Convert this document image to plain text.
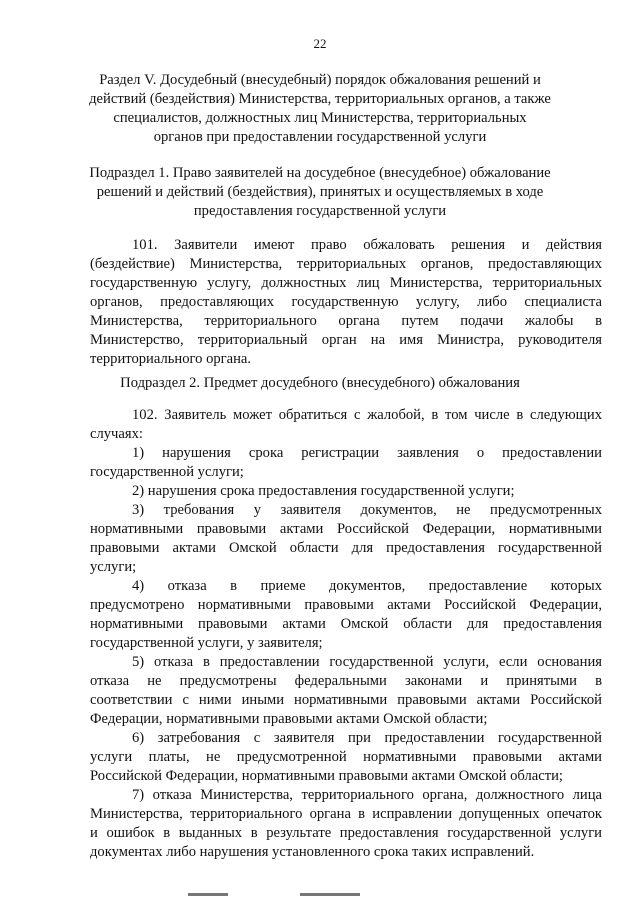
22
Раздел V. Досудебный (внесудебный) порядок обжалования решений и
действий (бездействия) Министерства, территориальных органов, а также
специалистов, должностных лиц Министерства, территориальных
органов при предоставлении государственной услуги
Подраздел 1. Право заявителей на досудебное (внесудебное) обжалование
решений и действий (бездействия), принятых и осуществляемых в ходе
предоставления государственной услуги
101. Заявители имеют право обжаловать решения и действия
(бездействие) Министерства, территориальных органов, предоставляющих
государственную услугу, должностных лиц Министерства, территориальных
органов, предоставляющих государственную услугу, либо специалиста
Министерства, территориального органа путем подачи жалобы в
Министерство, территориальный орган на имя Министра, руководителя
территориального органа.
Подраздел 2. Предмет досудебного (внесудебного) обжалования
102. Заявитель может обратиться с жалобой, в том числе в следующих
случаях:
1) нарушения срока регистрации заявления о предоставлении
государственной услуги;
2) нарушения срока предоставления государственной услуги;
3) требования у заявителя документов, не предусмотренных
нормативными правовыми актами Российской Федерации, нормативными
правовыми актами Омской области для предоставления государственной
услуги;
4) отказа в приеме документов, предоставление которых
предусмотрено нормативными правовыми актами Российской Федерации,
нормативными правовыми актами Омской области для предоставления
государственной услуги, у заявителя;
5) отказа в предоставлении государственной услуги, если основания
отказа не предусмотрены федеральными законами и принятыми в
соответствии с ними иными нормативными правовыми актами Российской
Федерации, нормативными правовыми актами Омской области;
6) затребования с заявителя при предоставлении государственной
услуги платы, не предусмотренной нормативными правовыми актами
Российской Федерации, нормативными правовыми актами Омской области;
7) отказа Министерства, территориального органа, должностного лица
Министерства, территориального органа в исправлении допущенных опечаток
и ошибок в выданных в результате предоставления государственной услуги
документах либо нарушения установленного срока таких исправлений.
